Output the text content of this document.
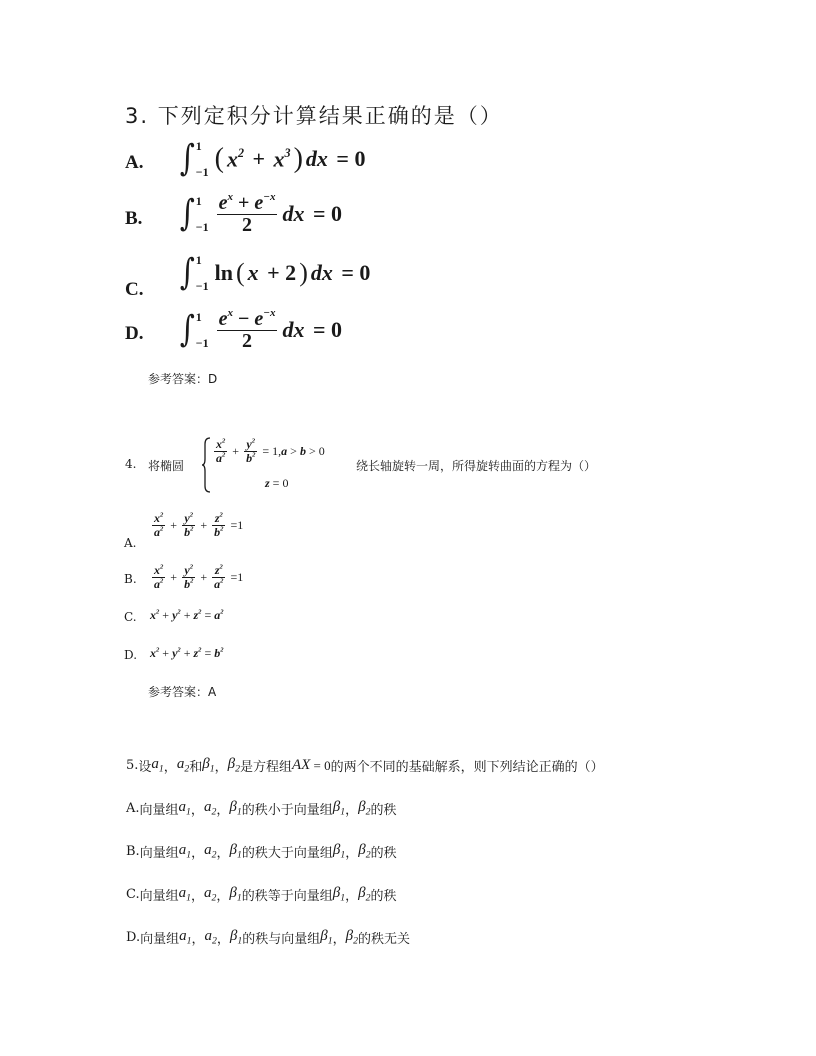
3. 下列定积分计算结果正确的是（）
A. ∫ 1
−1 ( $x^2 + x^3$ ) dx = 0
B. ∫ 1
$-1 \frac{e^x + e^{-x}}{2}$ dx = 0
C. ∫ 1
−1
ln ( x + 2 ) dx = 0
D. ∫ 1
$-1 \frac{e^x - e^{-x}}{2}$ dx = 0
参考答案：D
4. 将椭圆
$\frac{x^2}{a^2} + \frac{y^2}{b^2} = 1$, a > b > 0
z = 0
绕长轴旋转一周，所得旋转曲面的方程为（）
A.
$\frac{x^2}{a^2} + \frac{y^2}{b^2} + \frac{z^2}{b^2} =1$
B. $\frac{x^2}{a^2} + \frac{y^2}{b^2} + \frac{z^2}{a^2} =1$
C. $x^2 + y^2 + z^2 = a^2$
D. $x^2 + y^2 + z^2 = b^2$
参考答案：A
5. 设 $a_1$ ， $a_2$ 和 $\beta_1$ ， $\beta_2$ 是方程组 AX = 0 的两个不同的基础解系，则下列结论正确的（）
A. 向量组 $a_1$ ， $a_2$ ， $\beta_1$ 的秩小于向量组 $\beta_1$ ， $\beta_2$ 的秩
B. 向量组 $a_1$ ， $a_2$ ， $\beta_1$ 的秩大于向量组 $\beta_1$ ， $\beta_2$ 的秩
C. 向量组 $a_1$ ， $a_2$ ， $\beta_1$ 的秩等于向量组 $\beta_1$ ， $\beta_2$ 的秩
D. 向量组 $a_1$ ， $a_2$ ， $\beta_1$ 的秩与向量组 $\beta_1$ ， $\beta_2$ 的秩无关
